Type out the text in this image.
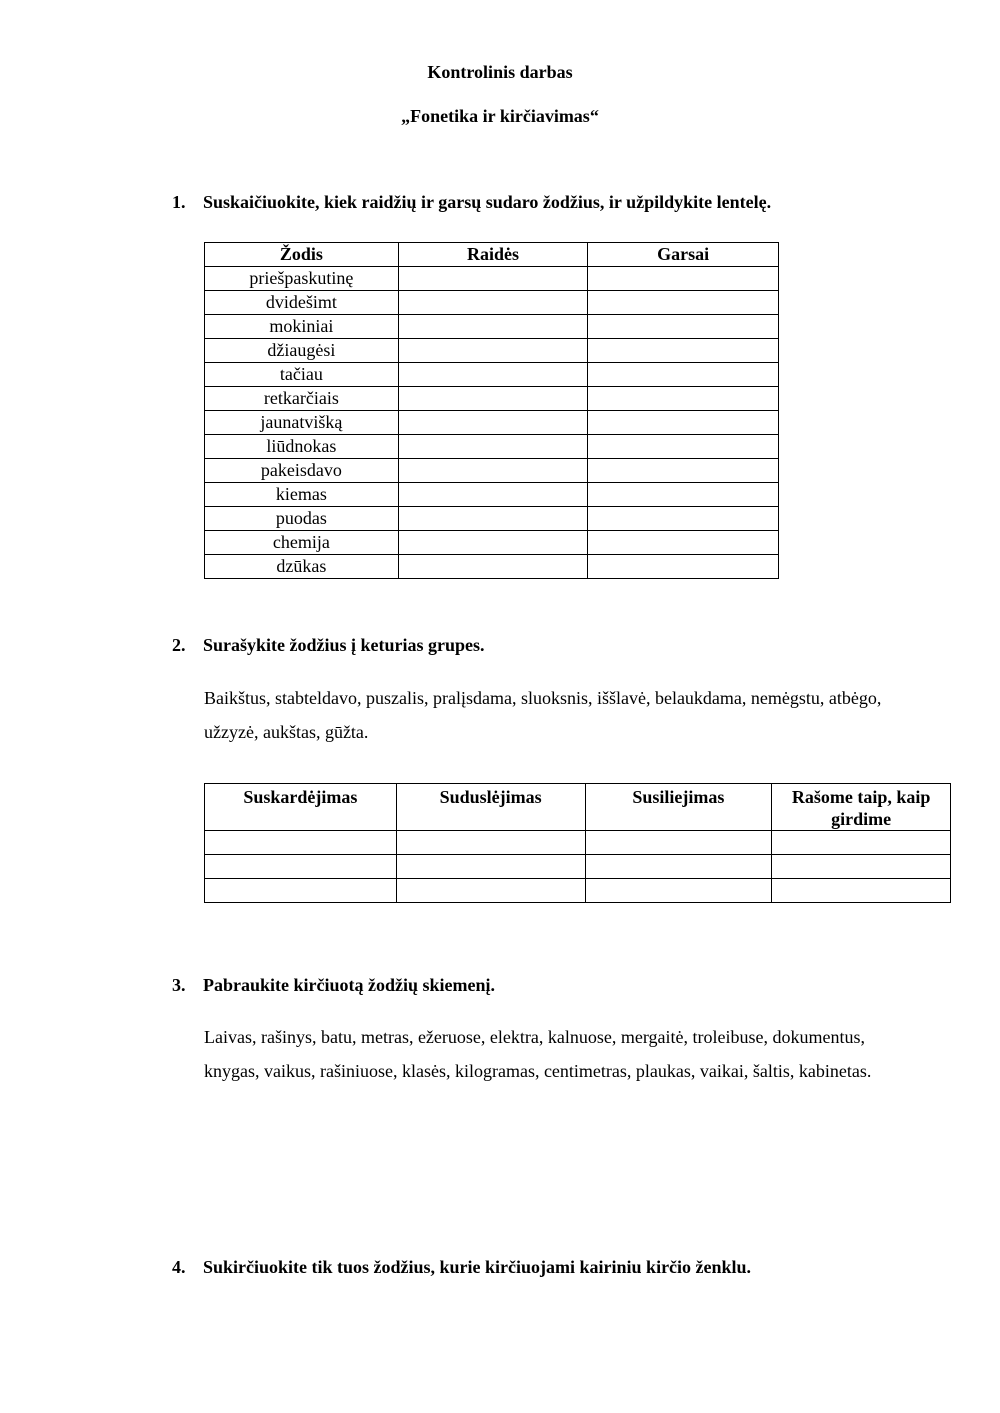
Kontrolinis darbas
„Fonetika ir kirčiavimas“
1. Suskaičiuokite, kiek raidžių ir garsų sudaro žodžius, ir užpildykite lentelę.
Žodis	Raidės	Garsai
priešpaskutinę		
dvidešimt		
mokiniai		
džiaugėsi		
tačiau		
retkarčiais		
jaunatvišką		
liūdnokas		
pakeisdavo		
kiemas		
puodas		
chemija		
dzūkas		
2. Surašykite žodžius į keturias grupes.
Baikštus, stabteldavo, puszalis, pralįsdama, sluoksnis, iššlavė, belaukdama, nemėgstu, atbėgo,
užzyzė, aukštas, gūžta.
Suskardėjimas	Suduslėjimas	Susiliejimas	Rašome taip, kaip girdime

3. Pabraukite kirčiuotą žodžių skiemenį.
Laivas, rašinys, batu, metras, ežeruose, elektra, kalnuose, mergaitė, troleibuse, dokumentus,
knygas, vaikus, rašiniuose, klasės, kilogramas, centimetras, plaukas, vaikai, šaltis, kabinetas.
4. Sukirčiuokite tik tuos žodžius, kurie kirčiuojami kairiniu kirčio ženklu.
